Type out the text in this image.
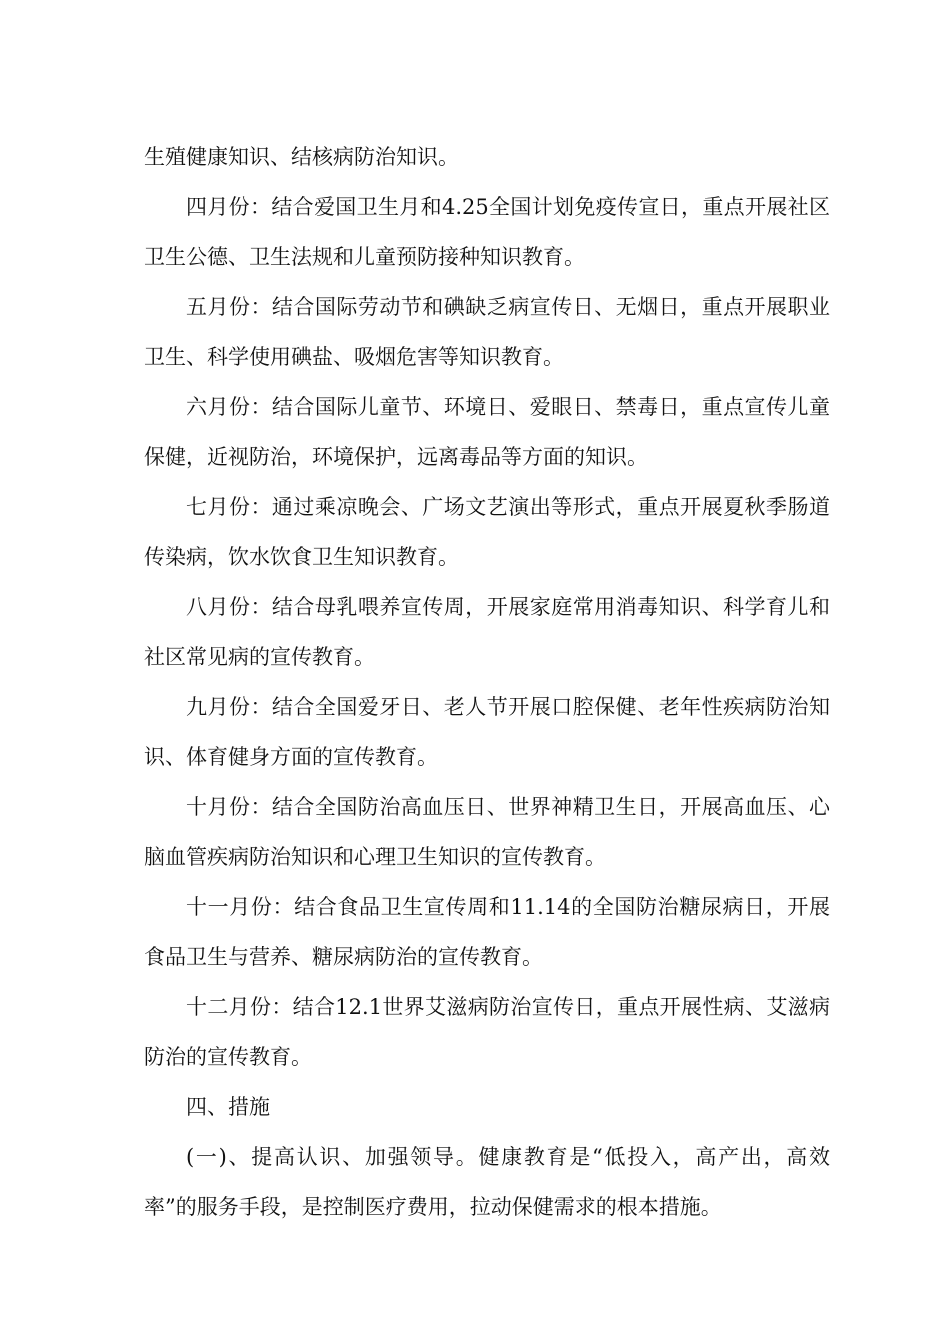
生殖健康知识、结核病防治知识。

四月份：结合爱国卫生月和4.25全国计划免疫传宣日，重点开展社区卫生公德、卫生法规和儿童预防接种知识教育。

五月份：结合国际劳动节和碘缺乏病宣传日、无烟日，重点开展职业卫生、科学使用碘盐、吸烟危害等知识教育。

六月份：结合国际儿童节、环境日、爱眼日、禁毒日，重点宣传儿童保健，近视防治，环境保护，远离毒品等方面的知识。

七月份：通过乘凉晚会、广场文艺演出等形式，重点开展夏秋季肠道传染病，饮水饮食卫生知识教育。

八月份：结合母乳喂养宣传周，开展家庭常用消毒知识、科学育儿和社区常见病的宣传教育。

九月份：结合全国爱牙日、老人节开展口腔保健、老年性疾病防治知识、体育健身方面的宣传教育。

十月份：结合全国防治高血压日、世界神精卫生日，开展高血压、心脑血管疾病防治知识和心理卫生知识的宣传教育。

十一月份：结合食品卫生宣传周和11.14的全国防治糖尿病日，开展食品卫生与营养、糖尿病防治的宣传教育。

十二月份：结合12.1世界艾滋病防治宣传日，重点开展性病、艾滋病防治的宣传教育。

四、措施

(一)、提高认识、加强领导。健康教育是“低投入，高产出，高效率”的服务手段，是控制医疗费用，拉动保健需求的根本措施。
